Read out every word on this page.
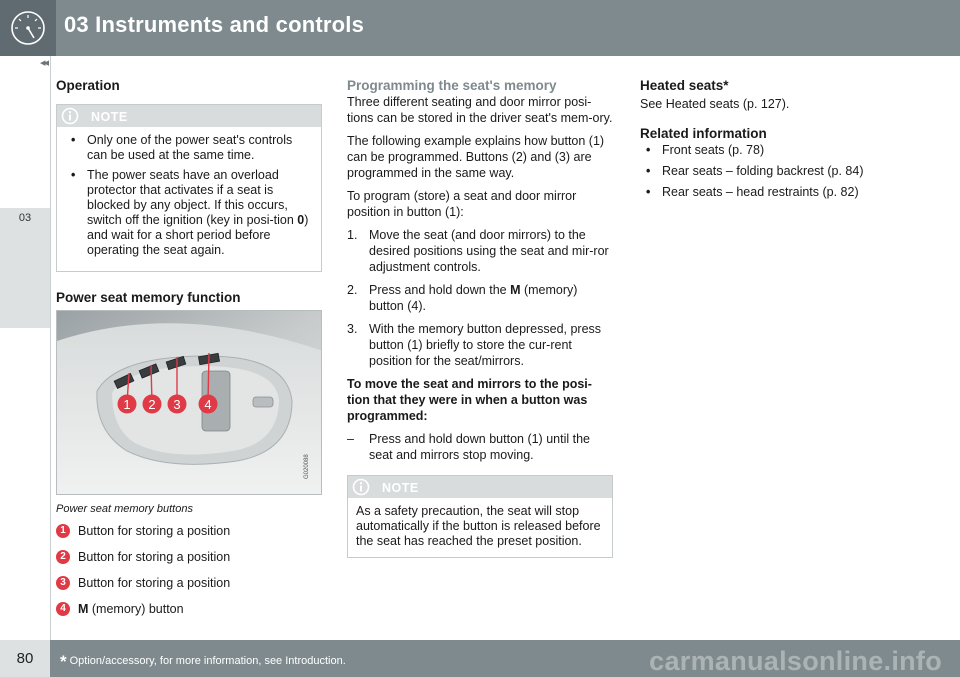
03 Instruments and controls
◂◂
03
Operation
NOTE
• Only one of the power seat's controls can be used at the same time.
• The power seats have an overload protector that activates if a seat is blocked by any object. If this occurs, switch off the ignition (key in posi-tion 0) and wait for a short period before operating the seat again.
Power seat memory function
1 2 3 4
G020088
Power seat memory buttons
1 Button for storing a position
2 Button for storing a position
3 Button for storing a position
4 M (memory) button
Programming the seat's memory

Three different seating and door mirror posi-tions can be stored in the driver seat's mem-ory.

The following example explains how button (1) can be programmed. Buttons (2) and (3) are programmed in the same way.

To program (store) a seat and door mirror position in button (1):

1. Move the seat (and door mirrors) to the desired positions using the seat and mir-ror adjustment controls.
2. Press and hold down the M (memory) button (4).
3. With the memory button depressed, press button (1) briefly to store the cur-rent position for the seat/mirrors.
To move the seat and mirrors to the posi-tion that they were in when a button was programmed:
– Press and hold down button (1) until the seat and mirrors stop moving.
NOTE
As a safety precaution, the seat will stop automatically if the button is released before the seat has reached the preset position.
Heated seats*

See Heated seats (p. 127).

Related information
• Front seats (p. 78)
• Rear seats – folding backrest (p. 84)
• Rear seats – head restraints (p. 82)
80	* Option/accessory, for more information, see Introduction.	carmanualsonline.info
